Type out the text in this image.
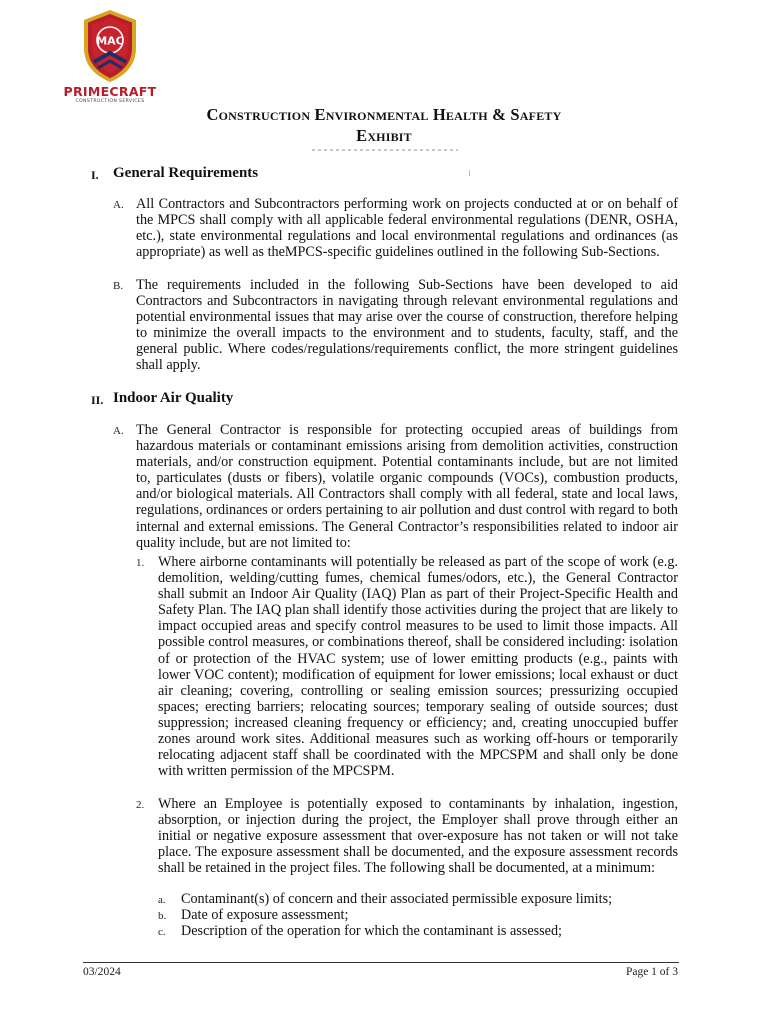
MAC
PRIMECRAFT
CONSTRUCTION SERVICES
Construction Environmental Health & Safety
Exhibit
I. General Requirements
A. All Contractors and Subcontractors performing work on projects conducted at or on behalf of the MPCS shall comply with all applicable federal environmental regulations (DENR, OSHA, etc.), state environmental regulations and local environmental regulations and ordinances (as appropriate) as well as theMPCS-specific guidelines outlined in the following Sub-Sections.

B. The requirements included in the following Sub-Sections have been developed to aid Contractors and Subcontractors in navigating through relevant environmental regulations and potential environmental issues that may arise over the course of construction, therefore helping to minimize the overall impacts to the environment and to students, faculty, staff, and the general public. Where codes/regulations/requirements conflict, the more stringent guidelines shall apply.

II. Indoor Air Quality
A. The General Contractor is responsible for protecting occupied areas of buildings from hazardous materials or contaminant emissions arising from demolition activities, construction materials, and/or construction equipment. Potential contaminants include, but are not limited to, particulates (dusts or fibers), volatile organic compounds (VOCs), combustion products, and/or biological materials. All Contractors shall comply with all federal, state and local laws, regulations, ordinances or orders pertaining to air pollution and dust control with regard to both internal and external emissions. The General Contractor’s responsibilities related to indoor air quality include, but are not limited to:

1. Where airborne contaminants will potentially be released as part of the scope of work (e.g. demolition, welding/cutting fumes, chemical fumes/odors, etc.), the General Contractor shall submit an Indoor Air Quality (IAQ) Plan as part of their Project-Specific Health and Safety Plan. The IAQ plan shall identify those activities during the project that are likely to impact occupied areas and specify control measures to be used to limit those impacts. All possible control measures, or combinations thereof, shall be considered including: isolation of or protection of the HVAC system; use of lower emitting products (e.g., paints with lower VOC content); modification of equipment for lower emissions; local exhaust or duct air cleaning; covering, controlling or sealing emission sources; pressurizing occupied spaces; erecting barriers; relocating sources; temporary sealing of outside sources; dust suppression; increased cleaning frequency or efficiency; and, creating unoccupied buffer zones around work sites. Additional measures such as working off-hours or temporarily relocating adjacent staff shall be coordinated with the MPCSPM and shall only be done with written permission of the MPCSPM.

2. Where an Employee is potentially exposed to contaminants by inhalation, ingestion, absorption, or injection during the project, the Employer shall prove through either an initial or negative exposure assessment that over-exposure has not taken or will not take place. The exposure assessment shall be documented, and the exposure assessment records shall be retained in the project files. The following shall be documented, at a minimum:

a. Contaminant(s) of concern and their associated permissible exposure limits;

b. Date of exposure assessment;

c. Description of the operation for which the contaminant is assessed;

03/2024	Page 1 of 3
